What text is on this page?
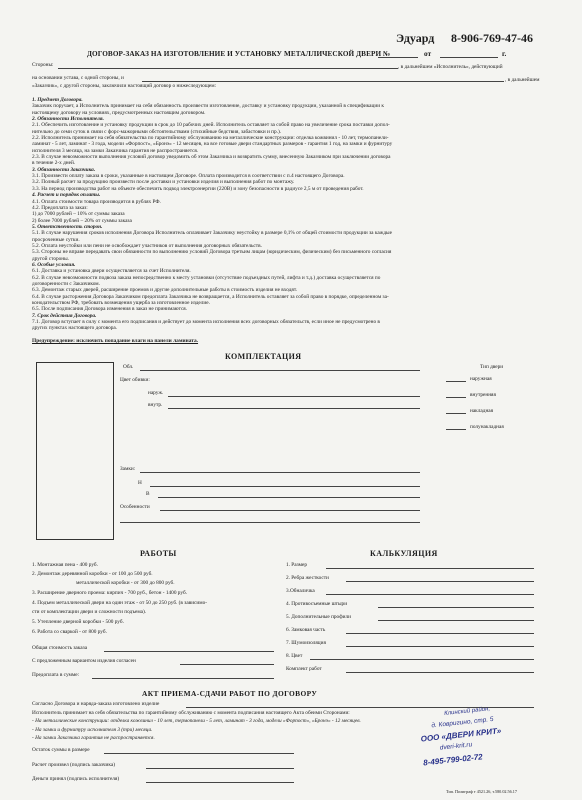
Эдуард 8-906-769-47-46
ДОГОВОР-ЗАКАЗ НА ИЗГОТОВЛЕНИЕ И УСТАНОВКУ МЕТАЛЛИЧЕСКОЙ ДВЕРИ №	от	г.
Стороны:	, в дальнейшем «Исполнитель», действующий
на основании устава, с одной стороны, и	, в дальнейшем
«Заказчик», с другой стороны, заключили настоящий договор о нижеследующем:
1. Предмет Договора.
Заказчик поручает, а Исполнитель принимает на себя обязанность произвести изготовление, доставку и установку продукции, указанной в спецификации к
настоящему договору на условиях, предусмотренных настоящим договором.
2. Обязанности Исполнителя.
2.1. Обеспечить изготовление и установку продукции в срок до 10 рабочих дней. Исполнитель оставляет за собой право на увеличение срока поставки допол-
нительно до семи суток в связи с форс-мажорными обстоятельствами (стихийные бедствия, забастовки и пр.).
2.2. Исполнитель принимает на себя обязательства по гарантийному обслуживанию на металлические конструкции: отделка кожвинил - 10 лет, термопанели-
ламинат - 5 лет, ламинат - 3 года, модели «Форпост», «Бронэ» - 12 месяцев, на все готовые двери стандартных размеров - гарантия 1 год, на замки и фурнитуру
исполнителя 3 месяца, на замки Заказчика гарантия не распространяется.
2.3. В случае невозможности выполнения условий договор уведомить об этом Заказчика и возвратить сумму, внесенную Заказчиком при заключении договора
в течение 2-х дней.
3. Обязанности Заказчика.
3.1. Произвести оплату заказа в сроки, указанные в настоящем Договоре. Оплата производится в соответствии с п.4 настоящего Договора.
3.2. Полный расчет за продукцию произвести после доставки и установки изделия и выполнения работ по монтажу.
3.3. На период производства работ на объекте обеспечить подвод электроэнергии (220В) и зону безопасности в радиусе 2,5 м от проведения работ.
4. Расчет и порядок оплаты.
4.1. Оплата стоимости товара производится в рублях РФ.
4.2. Предоплата за заказ:
1) до 7000 рублей – 10% от суммы заказа
2) более 7000 рублей – 20% от суммы заказа
5. Ответственность сторон.
5.1. В случае нарушения сроков исполнения Договора Исполнитель оплачивает Заказчику неустойку в размере 0,1% от общей стоимости продукции за каждые
просроченные сутки.
5.2. Оплата неустойки или пени не освобождает участников от выполнения договорных обязательств.
5.3. Стороны не вправе передавать свои обязанности по выполнению условий Договора третьим лицам (юридическим, физическим) без письменного согласия
другой стороны.
6. Особые условия.
6.1. Доставка и установка двери осуществляется за счет Исполнителя.
6.2. В случае невозможности подвоза заказа непосредственно к месту установки (отсутствие подъездных путей, лифта и т.д.) доставка осуществляется по
договоренности с Заказчиком.
6.3. Демонтаж старых дверей, расширение проемов и другие дополнительные работы в стоимость изделия не входят.
6.4. В случае расторжения Договора Заказчиком предоплата Заказчика не возвращается, а Исполнитель оставляет за собой право в порядке, определенном за-
конодательством РФ, требовать возмещения ущерба за изготовленное изделие.
6.5. После подписания Договора изменения в заказ не принимаются.
7. Срок действия Договора.
7.1. Договор вступает в силу с момента его подписания и действует до момента исполнения всех договорных обязательств, если иное не предусмотрено в
других пунктах настоящего договора.
Предупреждение: исключить попадание влаги на панели ламината.
КОМПЛЕКТАЦИЯ
Обл.
Цвет обивки:
наруж.
внутр.
Замки:
Н
В
Особенности
Тип двери
наружная
внутренняя
накладная
полунакладная
РАБОТЫ
1. Монтажная пена - 400 руб.
2. Демонтаж деревянной коробки - от 100 до 500 руб.
металлической коробки - от 300 до 800 руб.
3. Расширение дверного проема: кирпич - 700 руб., бетон - 1400 руб.
4. Подъем металлической двери на один этаж - от 50 до 250 руб. (в зависимо-
сти от комплектации двери и сложности подъема).
5. Утепление дверной коробки - 500 руб.
6. Работа со сваркой - от 800 руб.
Общая стоимость заказа
С предложенным вариантом изделия согласен
Предоплата в сумме:
КАЛЬКУЛЯЦИЯ
1. Размер
2. Ребра жесткости
3.Обналичка
4. Противосъемные штыри
5. Дополнительные профили
6. Замковая часть
7. Шумоизоляция
8. Цвет
Комплект работ
АКТ ПРИЕМА-СДАЧИ РАБОТ ПО ДОГОВОРУ
Согласно Договора и наряда-заказа изготовлено изделие
Исполнитель принимает на себя обязательства по гарантийному обслуживанию с момента подписания настоящего Акта обеими Сторонами:
- На металлические конструкции: отделка кожвинил - 10 лет, термопанели - 5 лет, ламинат - 3 года, модели «Форпост», «Бронэ» - 12 месяцев.
- На замки и фурнитуру исполнителя 3 (три) месяца.
- На замки Заказчика гарантия не распространяется.
Остаток суммы в размере
Расчет произвел (подпись заказчика)
Деньги принял (подпись исполнителя)
Клинский район,
д. Ковригино, стр. 5
ООО «ДВЕРИ КРИТ»
dveri-krit.ru
8-495-799-02-72
Тип. Полиграф т 4521.26, т.580.02.56.17
